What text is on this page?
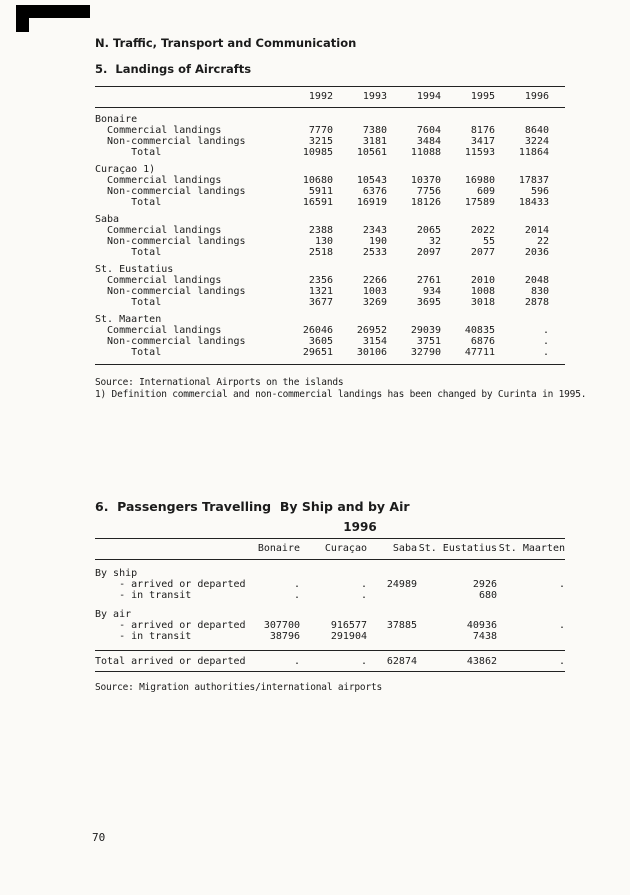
N. Traffic, Transport and Communication
5.  Landings of Aircrafts
	1992	1993	1994	1995	1996
Bonaire					
Commercial landings	7770	7380	7604	8176	8640
Non-commercial landings	3215	3181	3484	3417	3224
Total	10985	10561	11088	11593	11864
Curaçao 1)					
Commercial landings	10680	10543	10370	16980	17837
Non-commercial landings	5911	6376	7756	609	596
Total	16591	16919	18126	17589	18433
Saba					
Commercial landings	2388	2343	2065	2022	2014
Non-commercial landings	130	190	32	55	22
Total	2518	2533	2097	2077	2036
St. Eustatius					
Commercial landings	2356	2266	2761	2010	2048
Non-commercial landings	1321	1003	934	1008	830
Total	3677	3269	3695	3018	2878
St. Maarten					
Commercial landings	26046	26952	29039	40835	.
Non-commercial landings	3605	3154	3751	6876	.
Total	29651	30106	32790	47711	.
Source: International Airports on the islands
1) Definition commercial and non-commercial landings has been changed by Curinta in 1995.
6.  Passengers Travelling  By Ship and by Air
1996
	Bonaire	Curaçao	Saba	St. Eustatius	St. Maarten
By ship					
- arrived or departed	.	.	24989	2926	.
- in transit	.	.		680	
By air					
- arrived or departed	307700	916577	37885	40936	.
- in transit	38796	291904		7438	
Total arrived or departed	.	.	62874	43862	.
Source: Migration authorities/international airports
70
